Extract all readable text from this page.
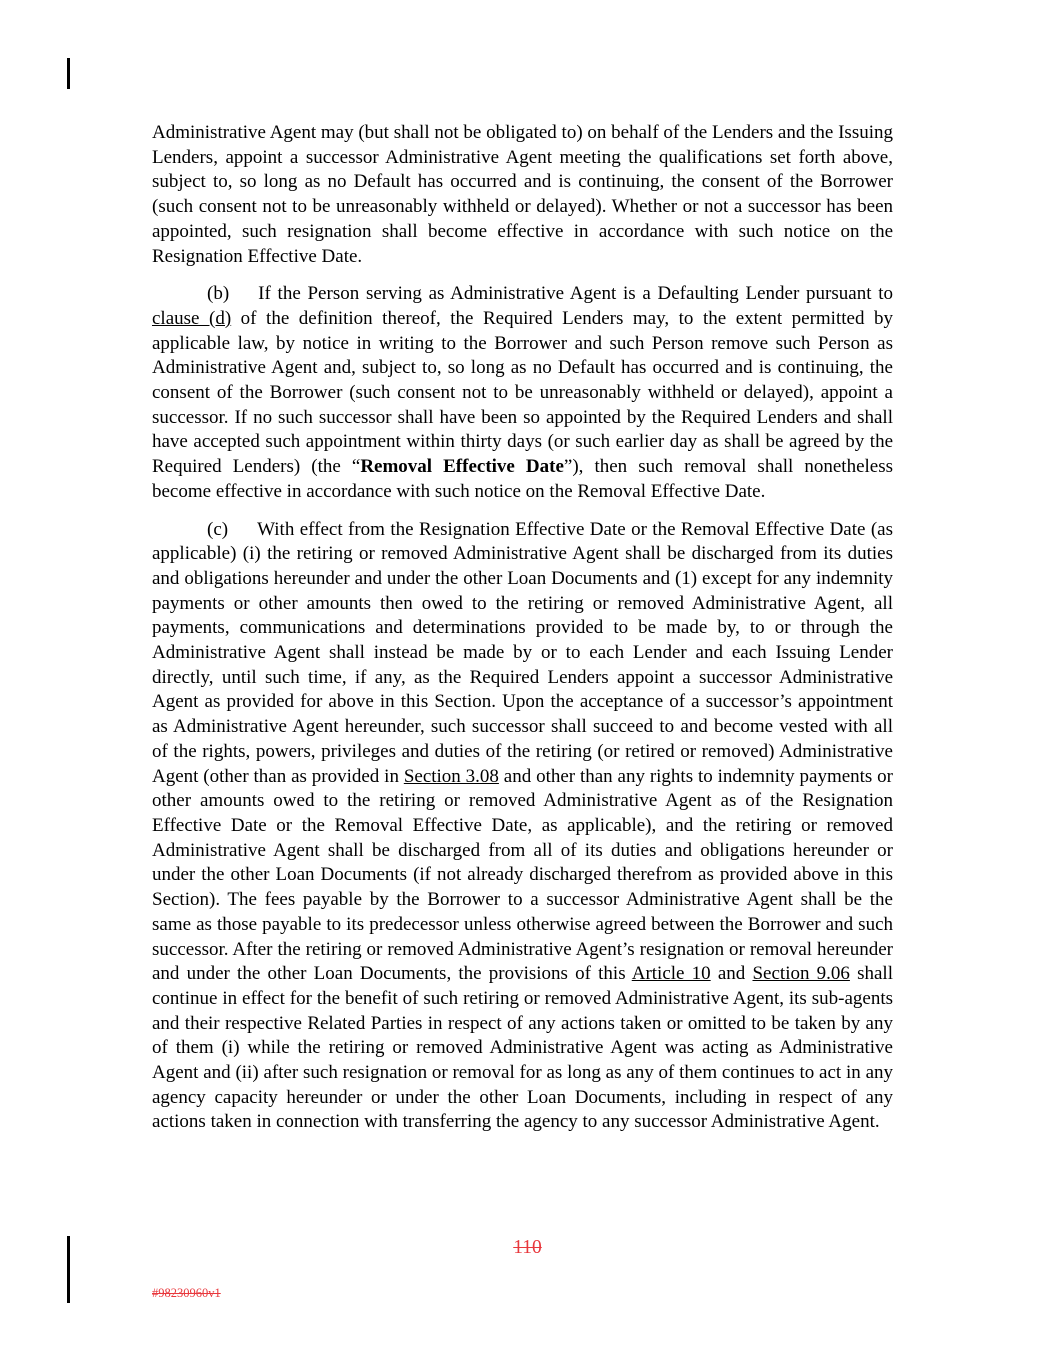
Administrative Agent may (but shall not be obligated to) on behalf of the Lenders and the Issuing Lenders, appoint a successor Administrative Agent meeting the qualifications set forth above, subject to, so long as no Default has occurred and is continuing, the consent of the Borrower (such consent not to be unreasonably withheld or delayed). Whether or not a successor has been appointed, such resignation shall become effective in accordance with such notice on the Resignation Effective Date.

(b) If the Person serving as Administrative Agent is a Defaulting Lender pursuant to clause (d) of the definition thereof, the Required Lenders may, to the extent permitted by applicable law, by notice in writing to the Borrower and such Person remove such Person as Administrative Agent and, subject to, so long as no Default has occurred and is continuing, the consent of the Borrower (such consent not to be unreasonably withheld or delayed), appoint a successor. If no such successor shall have been so appointed by the Required Lenders and shall have accepted such appointment within thirty days (or such earlier day as shall be agreed by the Required Lenders) (the “Removal Effective Date”), then such removal shall nonetheless become effective in accordance with such notice on the Removal Effective Date.

(c) With effect from the Resignation Effective Date or the Removal Effective Date (as applicable) (i) the retiring or removed Administrative Agent shall be discharged from its duties and obligations hereunder and under the other Loan Documents and (1) except for any indemnity payments or other amounts then owed to the retiring or removed Administrative Agent, all payments, communications and determinations provided to be made by, to or through the Administrative Agent shall instead be made by or to each Lender and each Issuing Lender directly, until such time, if any, as the Required Lenders appoint a successor Administrative Agent as provided for above in this Section. Upon the acceptance of a successor’s appointment as Administrative Agent hereunder, such successor shall succeed to and become vested with all of the rights, powers, privileges and duties of the retiring (or retired or removed) Administrative Agent (other than as provided in Section 3.08 and other than any rights to indemnity payments or other amounts owed to the retiring or removed Administrative Agent as of the Resignation Effective Date or the Removal Effective Date, as applicable), and the retiring or removed Administrative Agent shall be discharged from all of its duties and obligations hereunder or under the other Loan Documents (if not already discharged therefrom as provided above in this Section). The fees payable by the Borrower to a successor Administrative Agent shall be the same as those payable to its predecessor unless otherwise agreed between the Borrower and such successor. After the retiring or removed Administrative Agent’s resignation or removal hereunder and under the other Loan Documents, the provisions of this Article 10 and Section 9.06 shall continue in effect for the benefit of such retiring or removed Administrative Agent, its sub-agents and their respective Related Parties in respect of any actions taken or omitted to be taken by any of them (i) while the retiring or removed Administrative Agent was acting as Administrative Agent and (ii) after such resignation or removal for as long as any of them continues to act in any agency capacity hereunder or under the other Loan Documents, including in respect of any actions taken in connection with transferring the agency to any successor Administrative Agent.

110
#98230960v1
